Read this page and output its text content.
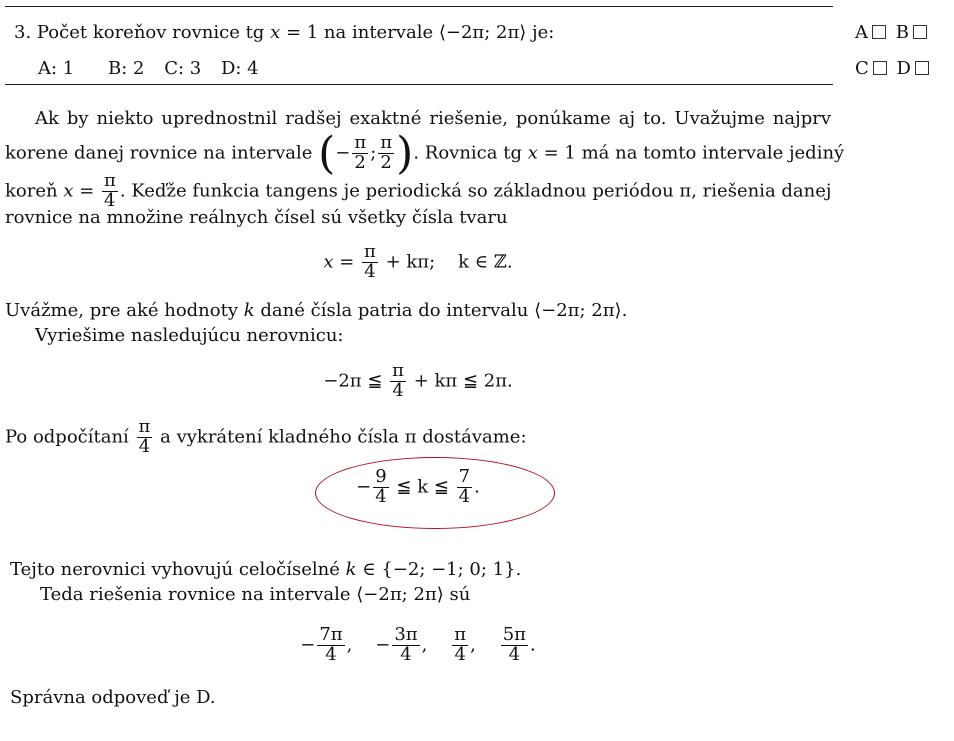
3. Počet koreňov rovnice tg x = 1 na intervale ⟨−2π; 2π⟩ je:
A: 1 B: 2 C: 3 D: 4
A B
C D
Ak by niekto uprednostnil radšej exaktné riešenie, ponúkame aj to. Uvažujme najprv
korene danej rovnice na intervale (− $\frac{\pi}{2}$ ; $\frac{\pi}{2}$ ). Rovnica tg x = 1 má na tomto intervale jediný
koreň $x = \frac{\pi}{4}$ . Keďže funkcia tangens je periodická so základnou periódou π, riešenia danej
rovnice na množine reálnych čísel sú všetky čísla tvaru
$x = \frac{\pi}{4} + k\pi$; k ∈ ℤ.
Uvážme, pre aké hodnoty k dané čísla patria do intervalu ⟨−2π; 2π⟩.
Vyriešime nasledujúcu nerovnicu:
−2π ≦ $\frac{\pi}{4} + k\pi$ ≦ 2π.
Po odpočítaní $\frac{\pi}{4}$ a vykrátení kladného čísla π dostávame:
− $\frac{9}{4}$ ≦ k ≦ $\frac{7}{4}$ .
Tejto nerovnici vyhovujú celočíselné k ∈ {−2; −1; 0; 1}.
Teda riešenia rovnice na intervale ⟨−2π; 2π⟩ sú
− $\frac{7\pi}{4}$ ,    − $\frac{3\pi}{4}$ , $\frac{\pi}{4}$ , $\frac{5\pi}{4}$ .
Správna odpoveď je D.
